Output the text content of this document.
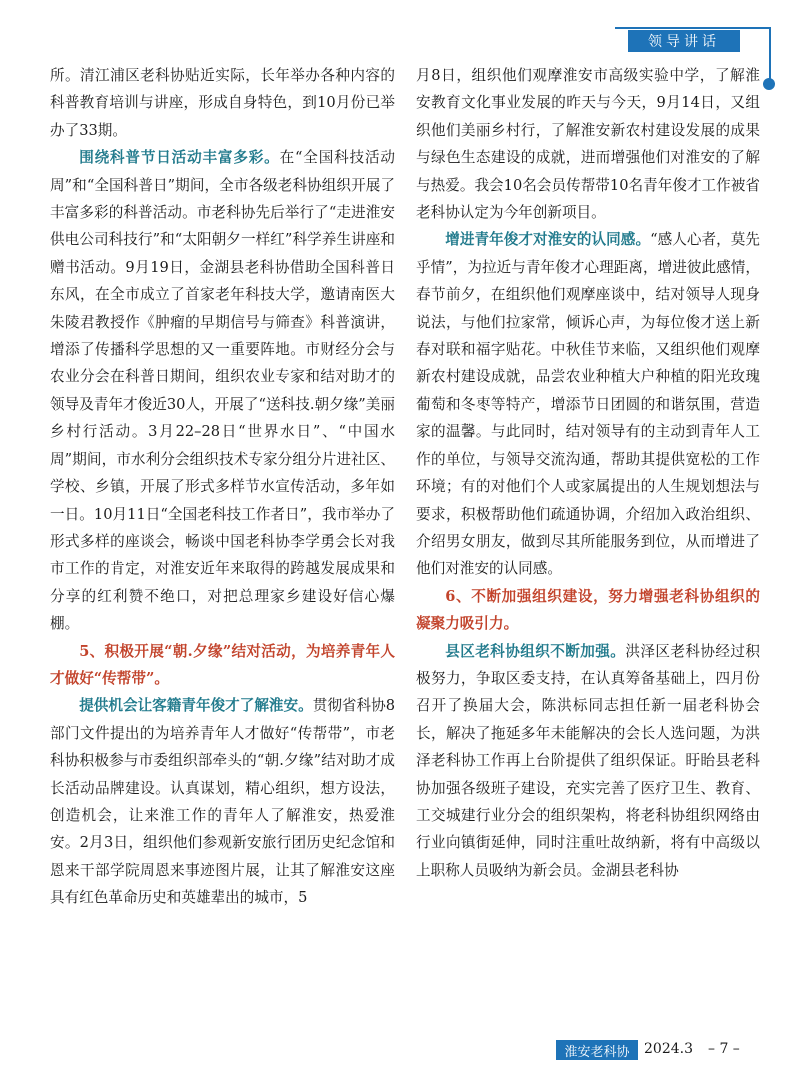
领导讲话

所。清江浦区老科协贴近实际，长年举办各种内容的科普教育培训与讲座，形成自身特色，到10月份已举办了33期。

围绕科普节日活动丰富多彩。在“全国科技活动周”和“全国科普日”期间，全市各级老科协组织开展了丰富多彩的科普活动。市老科协先后举行了“走进淮安供电公司科技行”和“太阳朝夕一样红”科学养生讲座和赠书活动。9月19日，金湖县老科协借助全国科普日东风，在全市成立了首家老年科技大学，邀请南医大朱陵君教授作《肿瘤的早期信号与筛查》科普演讲，增添了传播科学思想的又一重要阵地。市财经分会与农业分会在科普日期间，组织农业专家和结对助才的领导及青年才俊近30人，开展了“送科技.朝夕缘”美丽乡村行活动。3月22–28日“世界水日”、“中国水周”期间，市水利分会组织技术专家分组分片进社区、学校、乡镇，开展了形式多样节水宣传活动，多年如一日。10月11日“全国老科技工作者日”，我市举办了形式多样的座谈会，畅谈中国老科协李学勇会长对我市工作的肯定，对淮安近年来取得的跨越发展成果和分享的红利赞不绝口，对把总理家乡建设好信心爆棚。

5、积极开展“朝.夕缘”结对活动，为培养青年人才做好“传帮带”。

提供机会让客籍青年俊才了解淮安。贯彻省科协8部门文件提出的为培养青年人才做好“传帮带”，市老科协积极参与市委组织部牵头的“朝.夕缘”结对助才成长活动品牌建设。认真谋划，精心组织，想方设法，创造机会，让来淮工作的青年人了解淮安，热爱淮安。2月3日，组织他们参观新安旅行团历史纪念馆和恩来干部学院周恩来事迹图片展，让其了解淮安这座具有红色革命历史和英雄辈出的城市，5

月8日，组织他们观摩淮安市高级实验中学，了解淮安教育文化事业发展的昨天与今天，9月14日，又组织他们美丽乡村行，了解淮安新农村建设发展的成果与绿色生态建设的成就，进而增强他们对淮安的了解与热爱。我会10名会员传帮带10名青年俊才工作被省老科协认定为今年创新项目。

增进青年俊才对淮安的认同感。“感人心者，莫先乎情”，为拉近与青年俊才心理距离，增进彼此感情，春节前夕，在组织他们观摩座谈中，结对领导人现身说法，与他们拉家常，倾诉心声，为每位俊才送上新春对联和福字贴花。中秋佳节来临，又组织他们观摩新农村建设成就，品尝农业种植大户种植的阳光玫瑰葡萄和冬枣等特产，增添节日团圆的和谐氛围，营造家的温馨。与此同时，结对领导有的主动到青年人工作的单位，与领导交流沟通，帮助其提供宽松的工作环境；有的对他们个人或家属提出的人生规划想法与要求，积极帮助他们疏通协调，介绍加入政治组织、介绍男女朋友，做到尽其所能服务到位，从而增进了他们对淮安的认同感。

6、不断加强组织建设，努力增强老科协组织的凝聚力吸引力。

县区老科协组织不断加强。洪泽区老科协经过积极努力，争取区委支持，在认真筹备基础上，四月份召开了换届大会，陈洪标同志担任新一届老科协会长，解决了拖延多年未能解决的会长人选问题，为洪泽老科协工作再上台阶提供了组织保证。盱眙县老科协加强各级班子建设，充实完善了医疗卫生、教育、工交城建行业分会的组织架构，将老科协组织网络由行业向镇街延伸，同时注重吐故纳新，将有中高级以上职称人员吸纳为新会员。金湖县老科协

淮安老科协	2024.3 – 7 –
